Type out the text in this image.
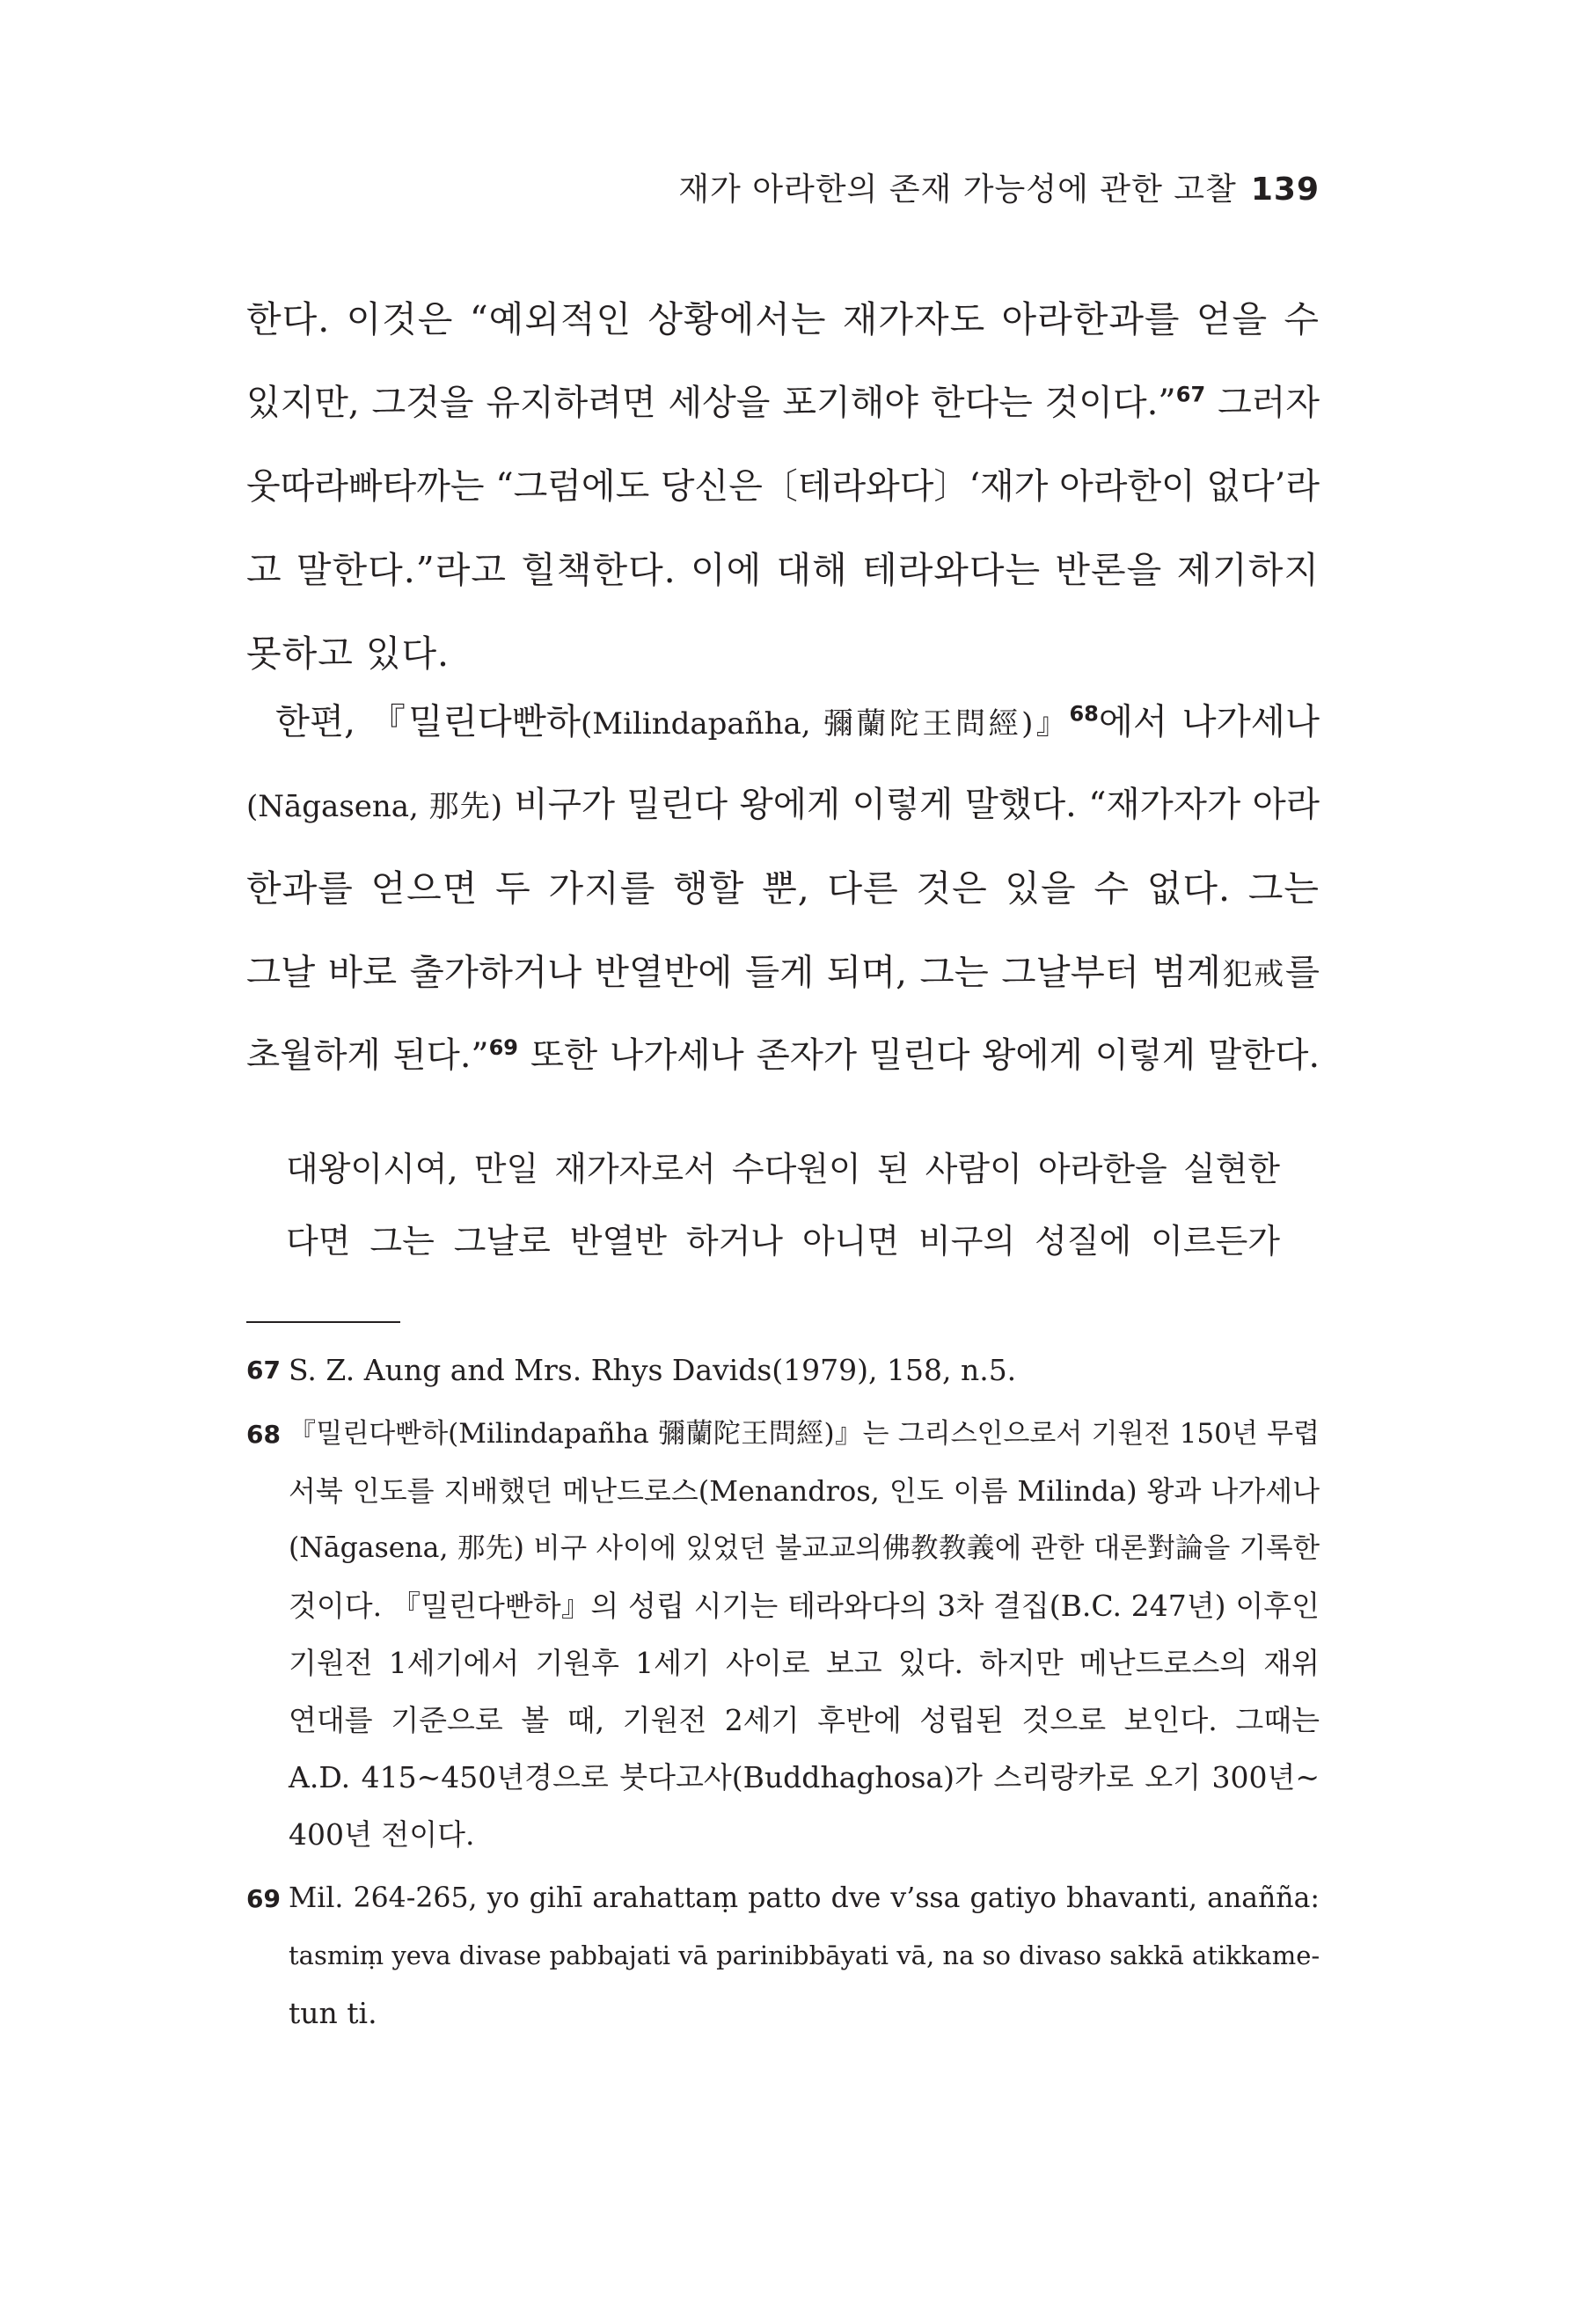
재가 아라한의 존재 가능성에 관한 고찰 139
한다. 이것은 “예외적인 상황에서는 재가자도 아라한과를 얻을 수
있지만, 그것을 유지하려면 세상을 포기해야 한다는 것이다.”$^{67}$ 그러자
웃따라빠타까는 “그럼에도 당신은〔테라와다〕‘재가 아라한이 없다’라
고 말한다.”라고 힐책한다. 이에 대해 테라와다는 반론을 제기하지
못하고 있다.
한편, 『밀린다빤하(Milindapañha, 彌蘭陀王問經)』$^{68}$에서 나가세나
(Nāgasena, 那先) 비구가 밀린다 왕에게 이렇게 말했다. “재가자가 아라
한과를 얻으면 두 가지를 행할 뿐, 다른 것은 있을 수 없다. 그는
그날 바로 출가하거나 반열반에 들게 되며, 그는 그날부터 범계犯戒를
초월하게 된다.”$^{69}$ 또한 나가세나 존자가 밀린다 왕에게 이렇게 말한다.
대왕이시여, 만일 재가자로서 수다원이 된 사람이 아라한을 실현한
다면 그는 그날로 반열반 하거나 아니면 비구의 성질에 이르든가
67 S. Z. Aung and Mrs. Rhys Davids(1979), 158, n.5.
68 『밀린다빤하(Milindapañha 彌蘭陀王問經)』는 그리스인으로서 기원전 150년 무렵
서북 인도를 지배했던 메난드로스(Menandros, 인도 이름 Milinda) 왕과 나가세나
(Nāgasena, 那先) 비구 사이에 있었던 불교교의佛教教義에 관한 대론對論을 기록한
것이다. 『밀린다빤하』의 성립 시기는 테라와다의 3차 결집(B.C. 247년) 이후인
기원전 1세기에서 기원후 1세기 사이로 보고 있다. 하지만 메난드로스의 재위
연대를 기준으로 볼 때, 기원전 2세기 후반에 성립된 것으로 보인다. 그때는
A.D. 415~450년경으로 붓다고사(Buddhaghosa)가 스리랑카로 오기 300년~
400년 전이다.
69 Mil. 264-265, yo gihī arahattaṃ patto dve v’ssa gatiyo bhavanti, anañña:
tasmiṃ yeva divase pabbajati vā parinibbāyati vā, na so divaso sakkā atikkame-
tun ti.
